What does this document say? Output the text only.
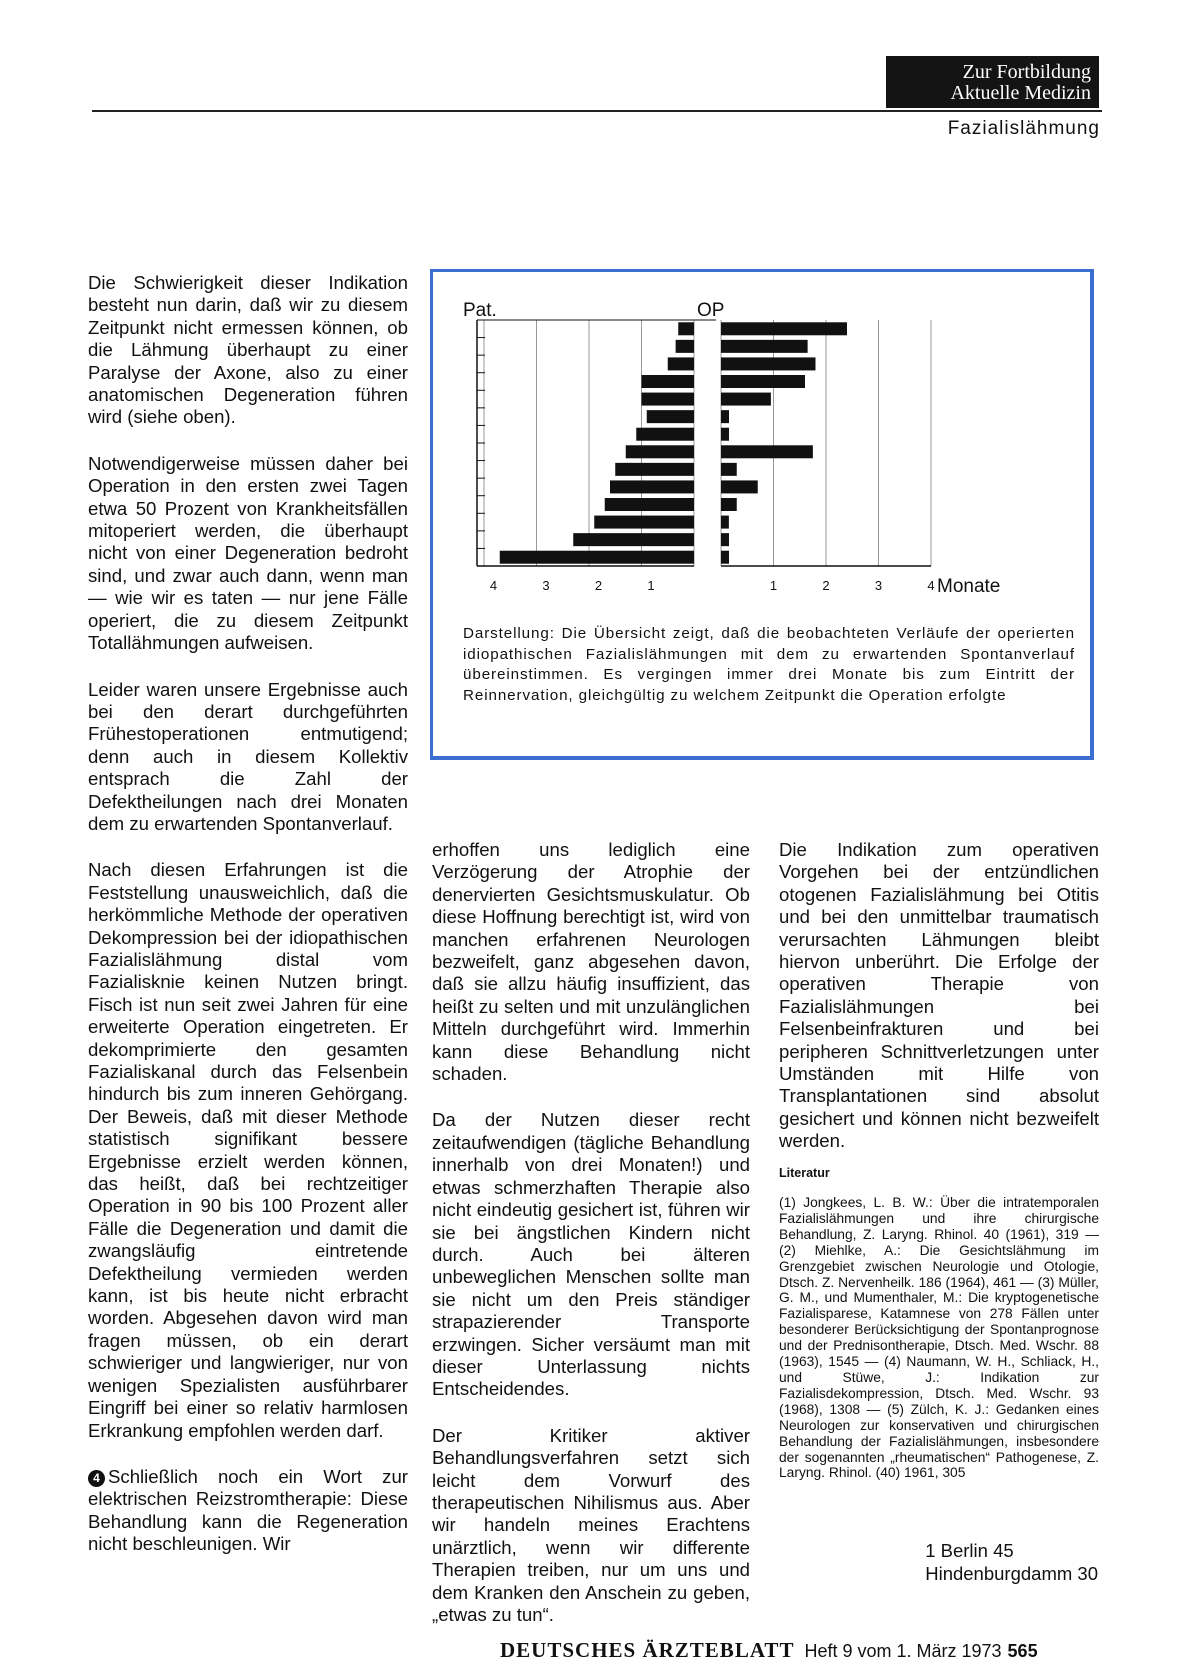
Zur Fortbildung
Aktuelle Medizin
Fazialislähmung

Die Schwierigkeit dieser Indikation besteht nun darin, daß wir zu diesem Zeitpunkt nicht ermessen können, ob die Lähmung überhaupt zu einer Paralyse der Axone, also zu einer anatomischen Degeneration führen wird (siehe oben).

Notwendigerweise müssen daher bei Operation in den ersten zwei Tagen etwa 50 Prozent von Krankheitsfällen mitoperiert werden, die überhaupt nicht von einer Degeneration bedroht sind, und zwar auch dann, wenn man — wie wir es taten — nur jene Fälle operiert, die zu diesem Zeitpunkt Totallähmungen aufweisen.

Leider waren unsere Ergebnisse auch bei den derart durchgeführten Frühestoperationen entmutigend; denn auch in diesem Kollektiv entsprach die Zahl der Defektheilungen nach drei Monaten dem zu erwartenden Spontanverlauf.

Nach diesen Erfahrungen ist die Feststellung unausweichlich, daß die herkömmliche Methode der operativen Dekompression bei der idiopathischen Fazialislähmung distal vom Fazialisknie keinen Nutzen bringt. Fisch ist nun seit zwei Jahren für eine erweiterte Operation eingetreten. Er dekomprimierte den gesamten Fazialiskanal durch das Felsenbein hindurch bis zum inneren Gehörgang. Der Beweis, daß mit dieser Methode statistisch signifikant bessere Ergebnisse erzielt werden können, das heißt, daß bei rechtzeitiger Operation in 90 bis 100 Prozent aller Fälle die Degeneration und damit die zwangsläufig eintretende Defektheilung vermieden werden kann, ist bis heute nicht erbracht worden. Abgesehen davon wird man fragen müssen, ob ein derart schwieriger und langwieriger, nur von wenigen Spezialisten ausführbarer Eingriff bei einer so relativ harmlosen Erkrankung empfohlen werden darf.

4 Schließlich noch ein Wort zur elektrischen Reizstromtherapie: Diese Behandlung kann die Regeneration nicht beschleunigen. Wir

Pat.	OP
4	3	2	1	1	2	3	4 Monate
Darstellung: Die Übersicht zeigt, daß die beobachteten Verläufe der operierten idiopathischen Fazialislähmungen mit dem zu erwartenden Spontanverlauf übereinstimmen. Es vergingen immer drei Monate bis zum Eintritt der Reinnervation, gleichgültig zu welchem Zeitpunkt die Operation erfolgte

erhoffen uns lediglich eine Verzögerung der Atrophie der denervierten Gesichtsmuskulatur. Ob diese Hoffnung berechtigt ist, wird von manchen erfahrenen Neurologen bezweifelt, ganz abgesehen davon, daß sie allzu häufig insuffizient, das heißt zu selten und mit unzulänglichen Mitteln durchgeführt wird. Immerhin kann diese Behandlung nicht schaden.

Da der Nutzen dieser recht zeitaufwendigen (tägliche Behandlung innerhalb von drei Monaten!) und etwas schmerzhaften Therapie also nicht eindeutig gesichert ist, führen wir sie bei ängstlichen Kindern nicht durch. Auch bei älteren unbeweglichen Menschen sollte man sie nicht um den Preis ständiger strapazierender Transporte erzwingen. Sicher versäumt man mit dieser Unterlassung nichts Entscheidendes.

Der Kritiker aktiver Behandlungsverfahren setzt sich leicht dem Vorwurf des therapeutischen Nihilismus aus. Aber wir handeln meines Erachtens unärztlich, wenn wir differente Therapien treiben, nur um uns und dem Kranken den Anschein zu geben, „etwas zu tun“.

Die Indikation zum operativen Vorgehen bei der entzündlichen otogenen Fazialislähmung bei Otitis und bei den unmittelbar traumatisch verursachten Lähmungen bleibt hiervon unberührt. Die Erfolge der operativen Therapie von Fazialislähmungen bei Felsenbeinfrakturen und bei peripheren Schnittverletzungen unter Umständen mit Hilfe von Transplantationen sind absolut gesichert und können nicht bezweifelt werden.

Literatur
(1) Jongkees, L. B. W.: Über die intratemporalen Fazialislähmungen und ihre chirurgische Behandlung, Z. Laryng. Rhinol. 40 (1961), 319 — (2) Miehlke, A.: Die Gesichtslähmung im Grenzgebiet zwischen Neurologie und Otologie, Dtsch. Z. Nervenheilk. 186 (1964), 461 — (3) Müller, G. M., und Mumenthaler, M.: Die kryptogenetische Fazialisparese, Katamnese von 278 Fällen unter besonderer Berücksichtigung der Spontanprognose und der Prednisontherapie, Dtsch. Med. Wschr. 88 (1963), 1545 — (4) Naumann, W. H., Schliack, H., und Stüwe, J.: Indikation zur Fazialisdekompression, Dtsch. Med. Wschr. 93 (1968), 1308 — (5) Zülch, K. J.: Gedanken eines Neurologen zur konservativen und chirurgischen Behandlung der Fazialislähmungen, insbesondere der sogenannten „rheumatischen“ Pathogenese, Z. Laryng. Rhinol. (40) 1961, 305
1 Berlin 45
Hindenburgdamm 30
DEUTSCHES ÄRZTEBLATT Heft 9 vom 1. März 1973 565
